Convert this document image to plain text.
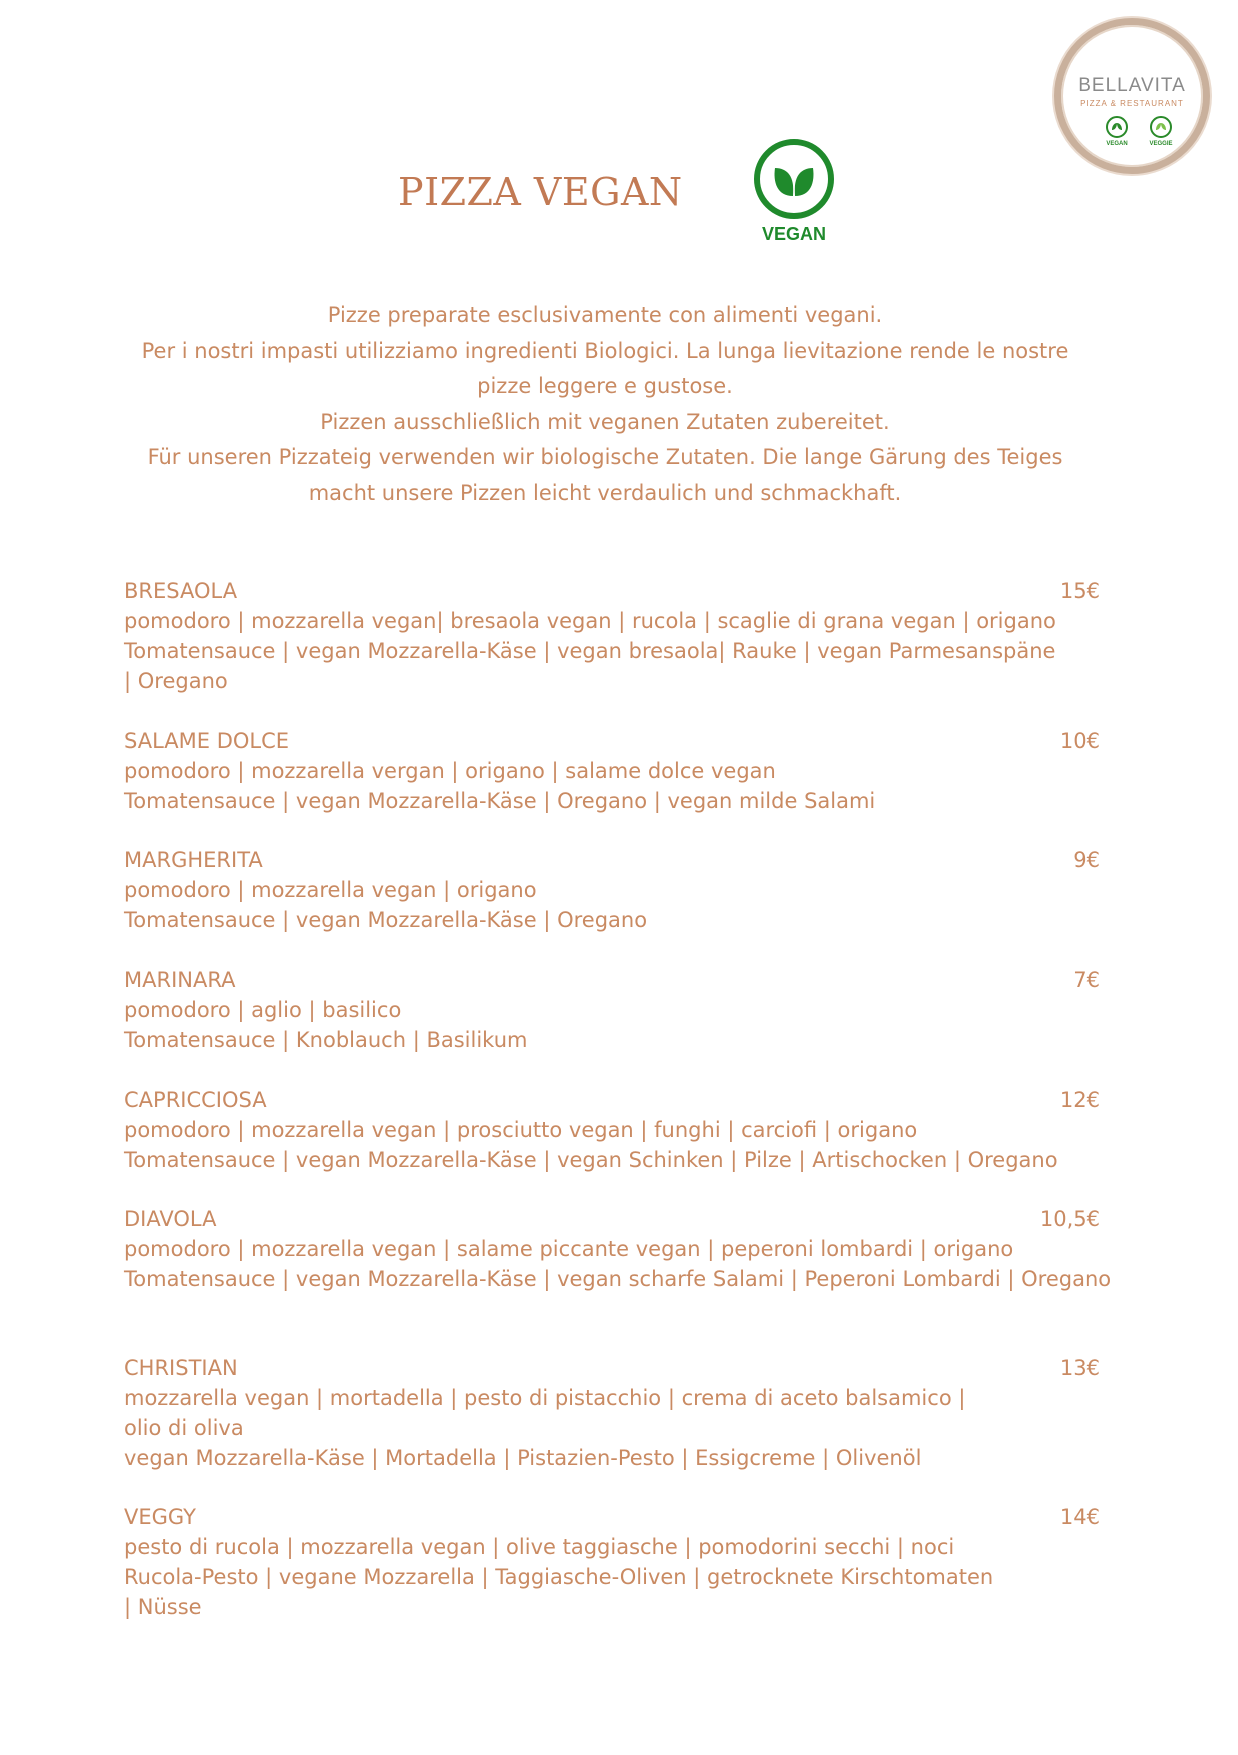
BELLAVITA
PIZZA & RESTAURANT
VEGAN	VEGGIE
PIZZA VEGAN
VEGAN
Pizze preparate esclusivamente con alimenti vegani.
Per i nostri impasti utilizziamo ingredienti Biologici. La lunga lievitazione rende le nostre
pizze leggere e gustose.
Pizzen ausschließlich mit veganen Zutaten zubereitet.
Für unseren Pizzateig verwenden wir biologische Zutaten. Die lange Gärung des Teiges
macht unsere Pizzen leicht verdaulich und schmackhaft.
BRESAOLA	15€
pomodoro | mozzarella vegan| bresaola vegan | rucola | scaglie di grana vegan | origano
Tomatensauce | vegan Mozzarella-Käse | vegan bresaola| Rauke | vegan Parmesanspäne
| Oregano
SALAME DOLCE	10€
pomodoro | mozzarella vergan | origano | salame dolce vegan
Tomatensauce | vegan Mozzarella-Käse | Oregano | vegan milde Salami
MARGHERITA	9€
pomodoro | mozzarella vegan | origano
Tomatensauce | vegan Mozzarella-Käse | Oregano
MARINARA	7€
pomodoro | aglio | basilico
Tomatensauce | Knoblauch | Basilikum
CAPRICCIOSA	12€
pomodoro | mozzarella vegan | prosciutto vegan | funghi | carciofi | origano
Tomatensauce | vegan Mozzarella-Käse | vegan Schinken | Pilze | Artischocken | Oregano
DIAVOLA	10,5€
pomodoro | mozzarella vegan | salame piccante vegan | peperoni lombardi | origano
Tomatensauce | vegan Mozzarella-Käse | vegan scharfe Salami | Peperoni Lombardi | Oregano
CHRISTIAN	13€
mozzarella vegan | mortadella | pesto di pistacchio | crema di aceto balsamico |
olio di oliva
vegan Mozzarella-Käse | Mortadella | Pistazien-Pesto | Essigcreme | Olivenöl
VEGGY	14€
pesto di rucola | mozzarella vegan | olive taggiasche | pomodorini secchi | noci
Rucola-Pesto | vegane Mozzarella | Taggiasche-Oliven | getrocknete Kirschtomaten
| Nüsse
